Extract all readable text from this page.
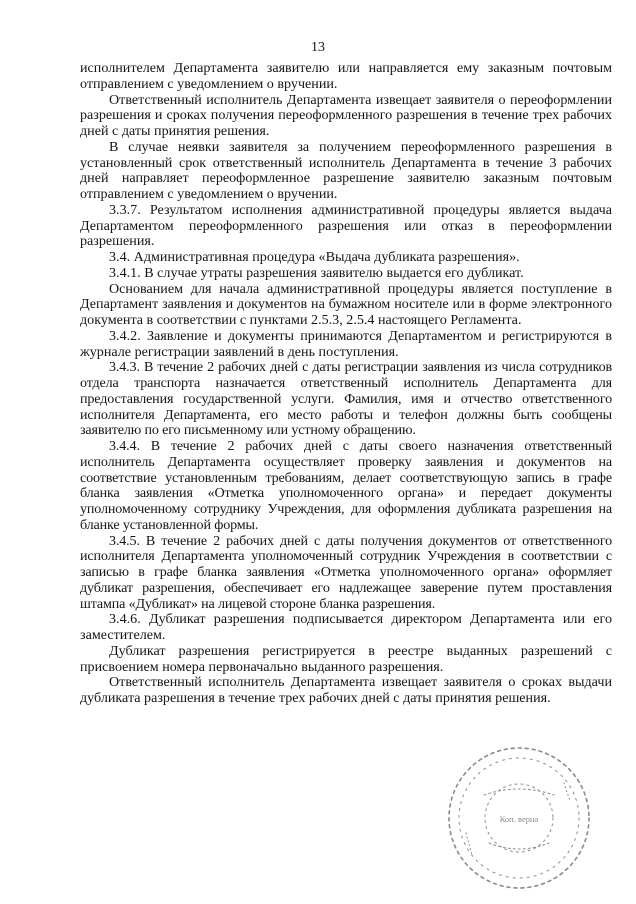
13

исполнителем Департамента заявителю или направляется ему заказным почтовым отправлением с уведомлением о вручении.

Ответственный исполнитель Департамента извещает заявителя о переоформлении разрешения и сроках получения переоформленного разрешения в течение трех рабочих дней с даты принятия решения.

В случае неявки заявителя за получением переоформленного разрешения в установленный срок ответственный исполнитель Департамента в течение 3 рабочих дней направляет переоформленное разрешение заявителю заказным почтовым отправлением с уведомлением о вручении.

3.3.7. Результатом исполнения административной процедуры является выдача Департаментом переоформленного разрешения или отказ в переоформлении разрешения.

3.4. Административная процедура «Выдача дубликата разрешения».

3.4.1. В случае утраты разрешения заявителю выдается его дубликат.

Основанием для начала административной процедуры является поступление в Департамент заявления и документов на бумажном носителе или в форме электронного документа в соответствии с пунктами 2.5.3, 2.5.4 настоящего Регламента.

3.4.2. Заявление и документы принимаются Департаментом и регистрируются в журнале регистрации заявлений в день поступления.

3.4.3. В течение 2 рабочих дней с даты регистрации заявления из числа сотрудников отдела транспорта назначается ответственный исполнитель Департамента для предоставления государственной услуги. Фамилия, имя и отчество ответственного исполнителя Департамента, его место работы и телефон должны быть сообщены заявителю по его письменному или устному обращению.

3.4.4. В течение 2 рабочих дней с даты своего назначения ответственный исполнитель Департамента осуществляет проверку заявления и документов на соответствие установленным требованиям, делает соответствующую запись в графе бланка заявления «Отметка уполномоченного органа» и передает документы уполномоченному сотруднику Учреждения, для оформления дубликата разрешения на бланке установленной формы.

3.4.5. В течение 2 рабочих дней с даты получения документов от ответственного исполнителя Департамента уполномоченный сотрудник Учреждения в соответствии с записью в графе бланка заявления «Отметка уполномоченного органа» оформляет дубликат разрешения, обеспечивает его надлежащее заверение путем проставления штампа «Дубликат» на лицевой стороне бланка разрешения.

3.4.6. Дубликат разрешения подписывается директором Департамента или его заместителем.

Дубликат разрешения регистрируется в реестре выданных разрешений с присвоением номера первоначально выданного разрешения.

Ответственный исполнитель Департамента извещает заявителя о сроках выдачи дубликата разрешения в течение трех рабочих дней с даты принятия решения.

Коп. верна
